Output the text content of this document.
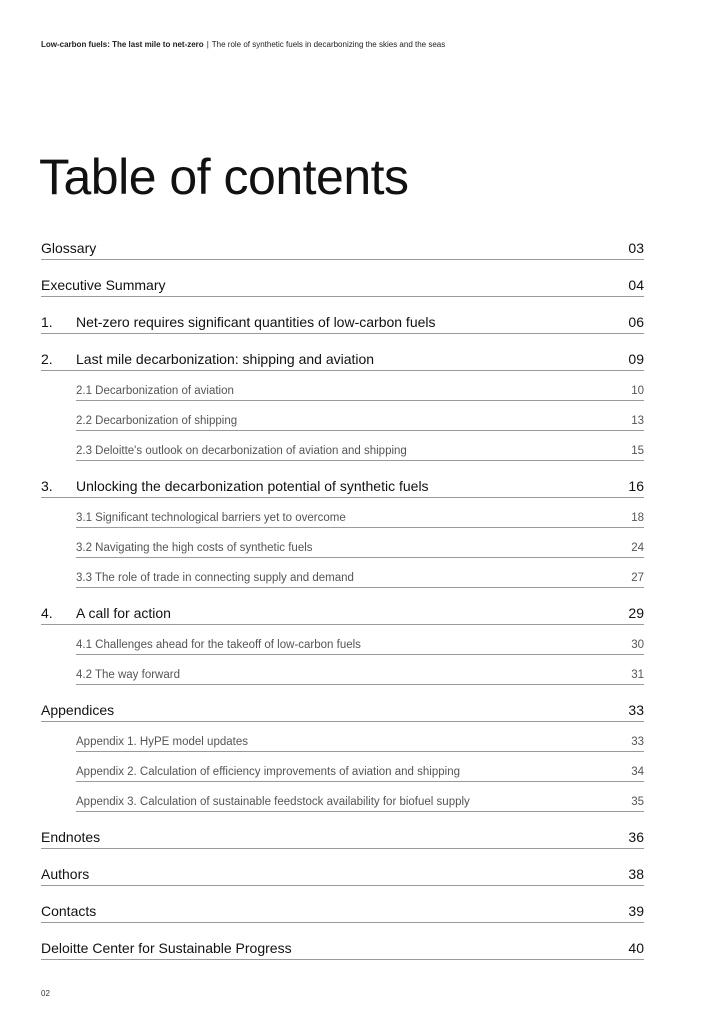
Low-carbon fuels: The last mile to net-zero | The role of synthetic fuels in decarbonizing the skies and the seas
Table of contents
Glossary	03
Executive Summary	04
1.	Net-zero requires significant quantities of low-carbon fuels	06
2.	Last mile decarbonization: shipping and aviation	09
2.1 Decarbonization of aviation	10
2.2 Decarbonization of shipping	13
2.3 Deloitte's outlook on decarbonization of aviation and shipping	15
3.	Unlocking the decarbonization potential of synthetic fuels	16
3.1 Significant technological barriers yet to overcome	18
3.2 Navigating the high costs of synthetic fuels	24
3.3 The role of trade in connecting supply and demand	27
4.	A call for action	29
4.1 Challenges ahead for the takeoff of low-carbon fuels	30
4.2 The way forward	31
Appendices	33
Appendix 1. HyPE model updates	33
Appendix 2. Calculation of efficiency improvements of aviation and shipping	34
Appendix 3. Calculation of sustainable feedstock availability for biofuel supply	35
Endnotes	36
Authors	38
Contacts	39
Deloitte Center for Sustainable Progress	40
02
